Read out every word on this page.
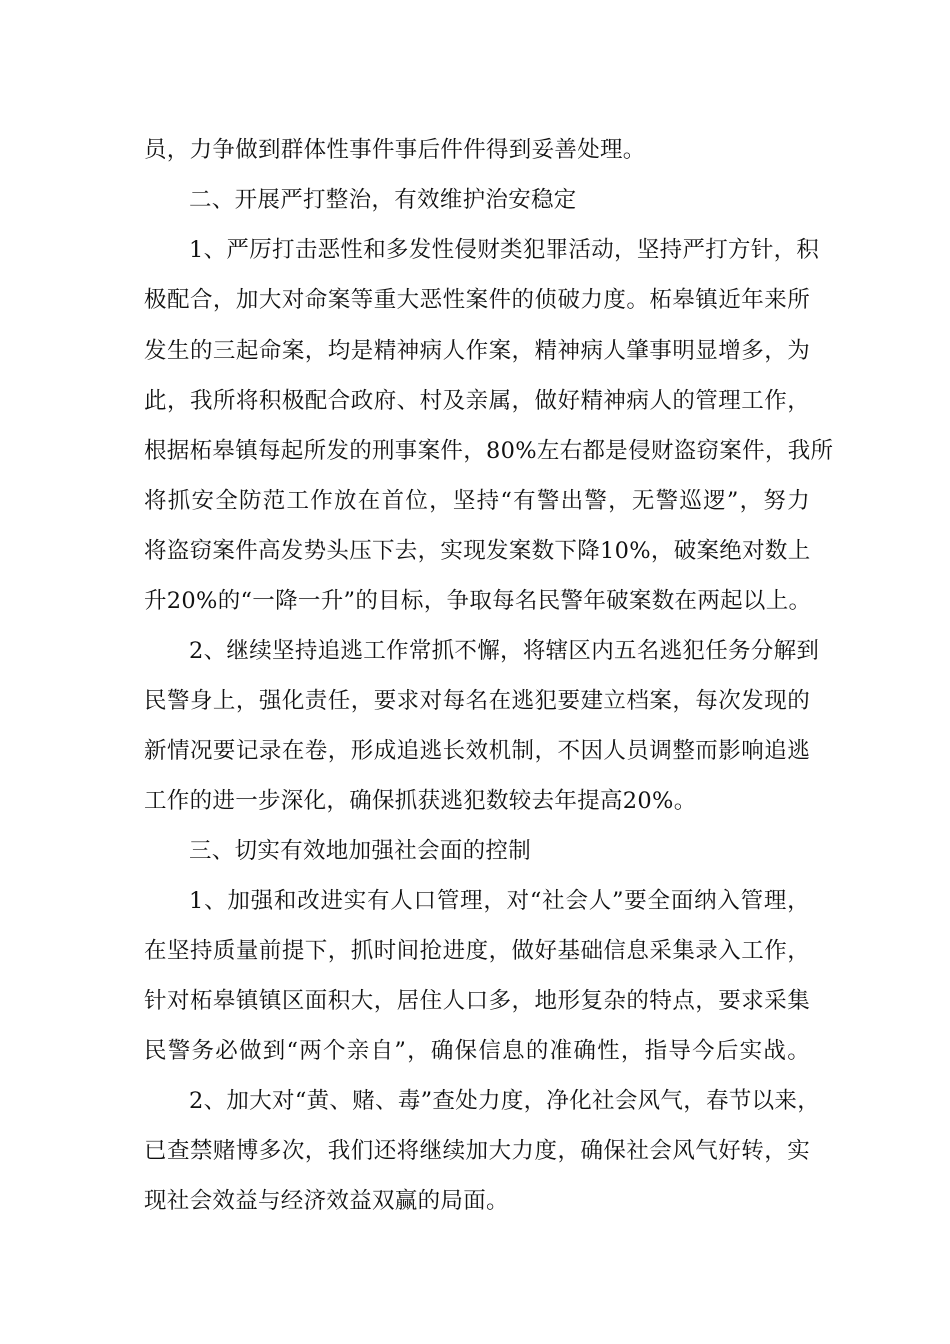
员，力争做到群体性事件事后件件得到妥善处理。

二、开展严打整治，有效维护治安稳定

1、严厉打击恶性和多发性侵财类犯罪活动，坚持严打方针，积

极配合，加大对命案等重大恶性案件的侦破力度。柘皋镇近年来所

发生的三起命案，均是精神病人作案，精神病人肇事明显增多，为

此，我所将积极配合政府、村及亲属，做好精神病人的管理工作，

根据柘皋镇每起所发的刑事案件，80%左右都是侵财盗窃案件，我所

将抓安全防范工作放在首位，坚持“有警出警，无警巡逻”，努力

将盗窃案件高发势头压下去，实现发案数下降10%，破案绝对数上

升20%的“一降一升”的目标，争取每名民警年破案数在两起以上。

2、继续坚持追逃工作常抓不懈，将辖区内五名逃犯任务分解到

民警身上，强化责任，要求对每名在逃犯要建立档案，每次发现的

新情况要记录在卷，形成追逃长效机制，不因人员调整而影响追逃

工作的进一步深化，确保抓获逃犯数较去年提高20%。

三、切实有效地加强社会面的控制

1、加强和改进实有人口管理，对“社会人”要全面纳入管理，

在坚持质量前提下，抓时间抢进度，做好基础信息采集录入工作，

针对柘皋镇镇区面积大，居住人口多，地形复杂的特点，要求采集

民警务必做到“两个亲自”，确保信息的准确性，指导今后实战。

2、加大对“黄、赌、毒”查处力度，净化社会风气，春节以来，

已查禁赌博多次，我们还将继续加大力度，确保社会风气好转，实

现社会效益与经济效益双赢的局面。
